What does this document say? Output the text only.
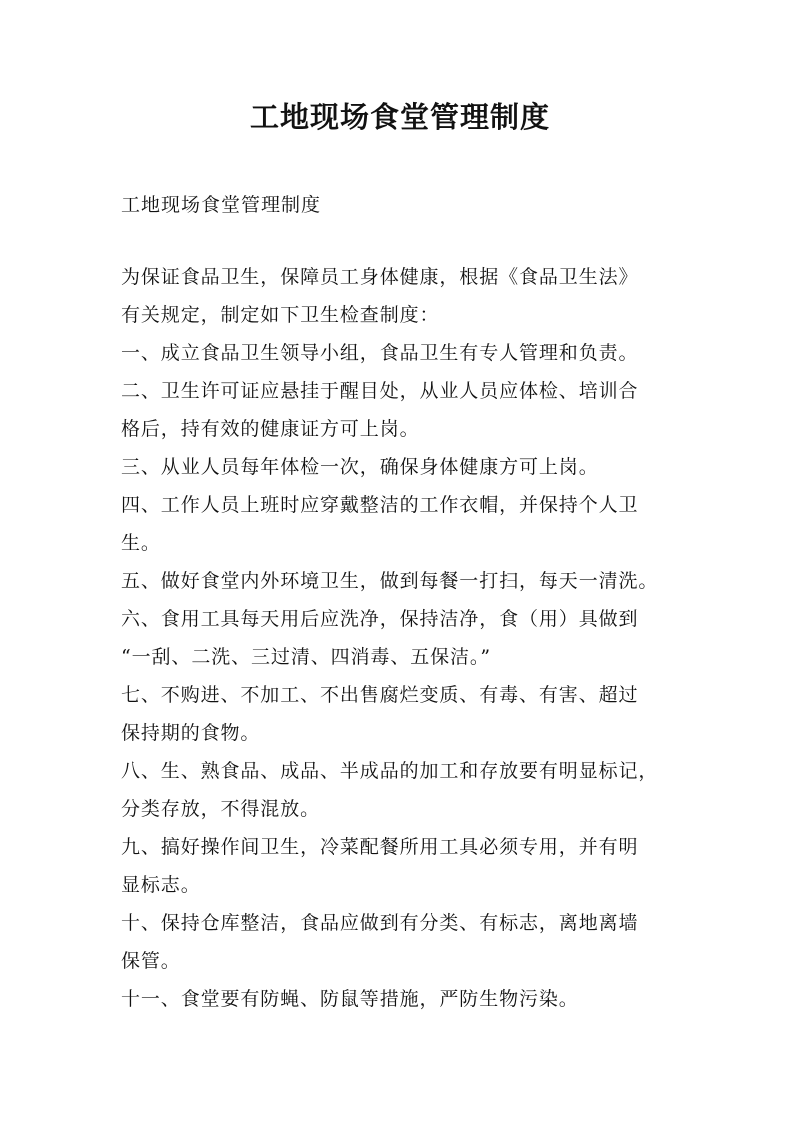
工地现场食堂管理制度

工地现场食堂管理制度

为保证食品卫生，保障员工身体健康，根据《食品卫生法》
有关规定，制定如下卫生检查制度：
一、成立食品卫生领导小组，食品卫生有专人管理和负责。
二、卫生许可证应悬挂于醒目处，从业人员应体检、培训合
格后，持有效的健康证方可上岗。
三、从业人员每年体检一次，确保身体健康方可上岗。
四、工作人员上班时应穿戴整洁的工作衣帽，并保持个人卫
生。
五、做好食堂内外环境卫生，做到每餐一打扫，每天一清洗。
六、食用工具每天用后应洗净，保持洁净，食（用）具做到
“一刮、二洗、三过清、四消毒、五保洁。”
七、不购进、不加工、不出售腐烂变质、有毒、有害、超过
保持期的食物。
八、生、熟食品、成品、半成品的加工和存放要有明显标记，
分类存放，不得混放。
九、搞好操作间卫生，冷菜配餐所用工具必须专用，并有明
显标志。
十、保持仓库整洁，食品应做到有分类、有标志，离地离墙
保管。
十一、食堂要有防蝇、防鼠等措施，严防生物污染。
